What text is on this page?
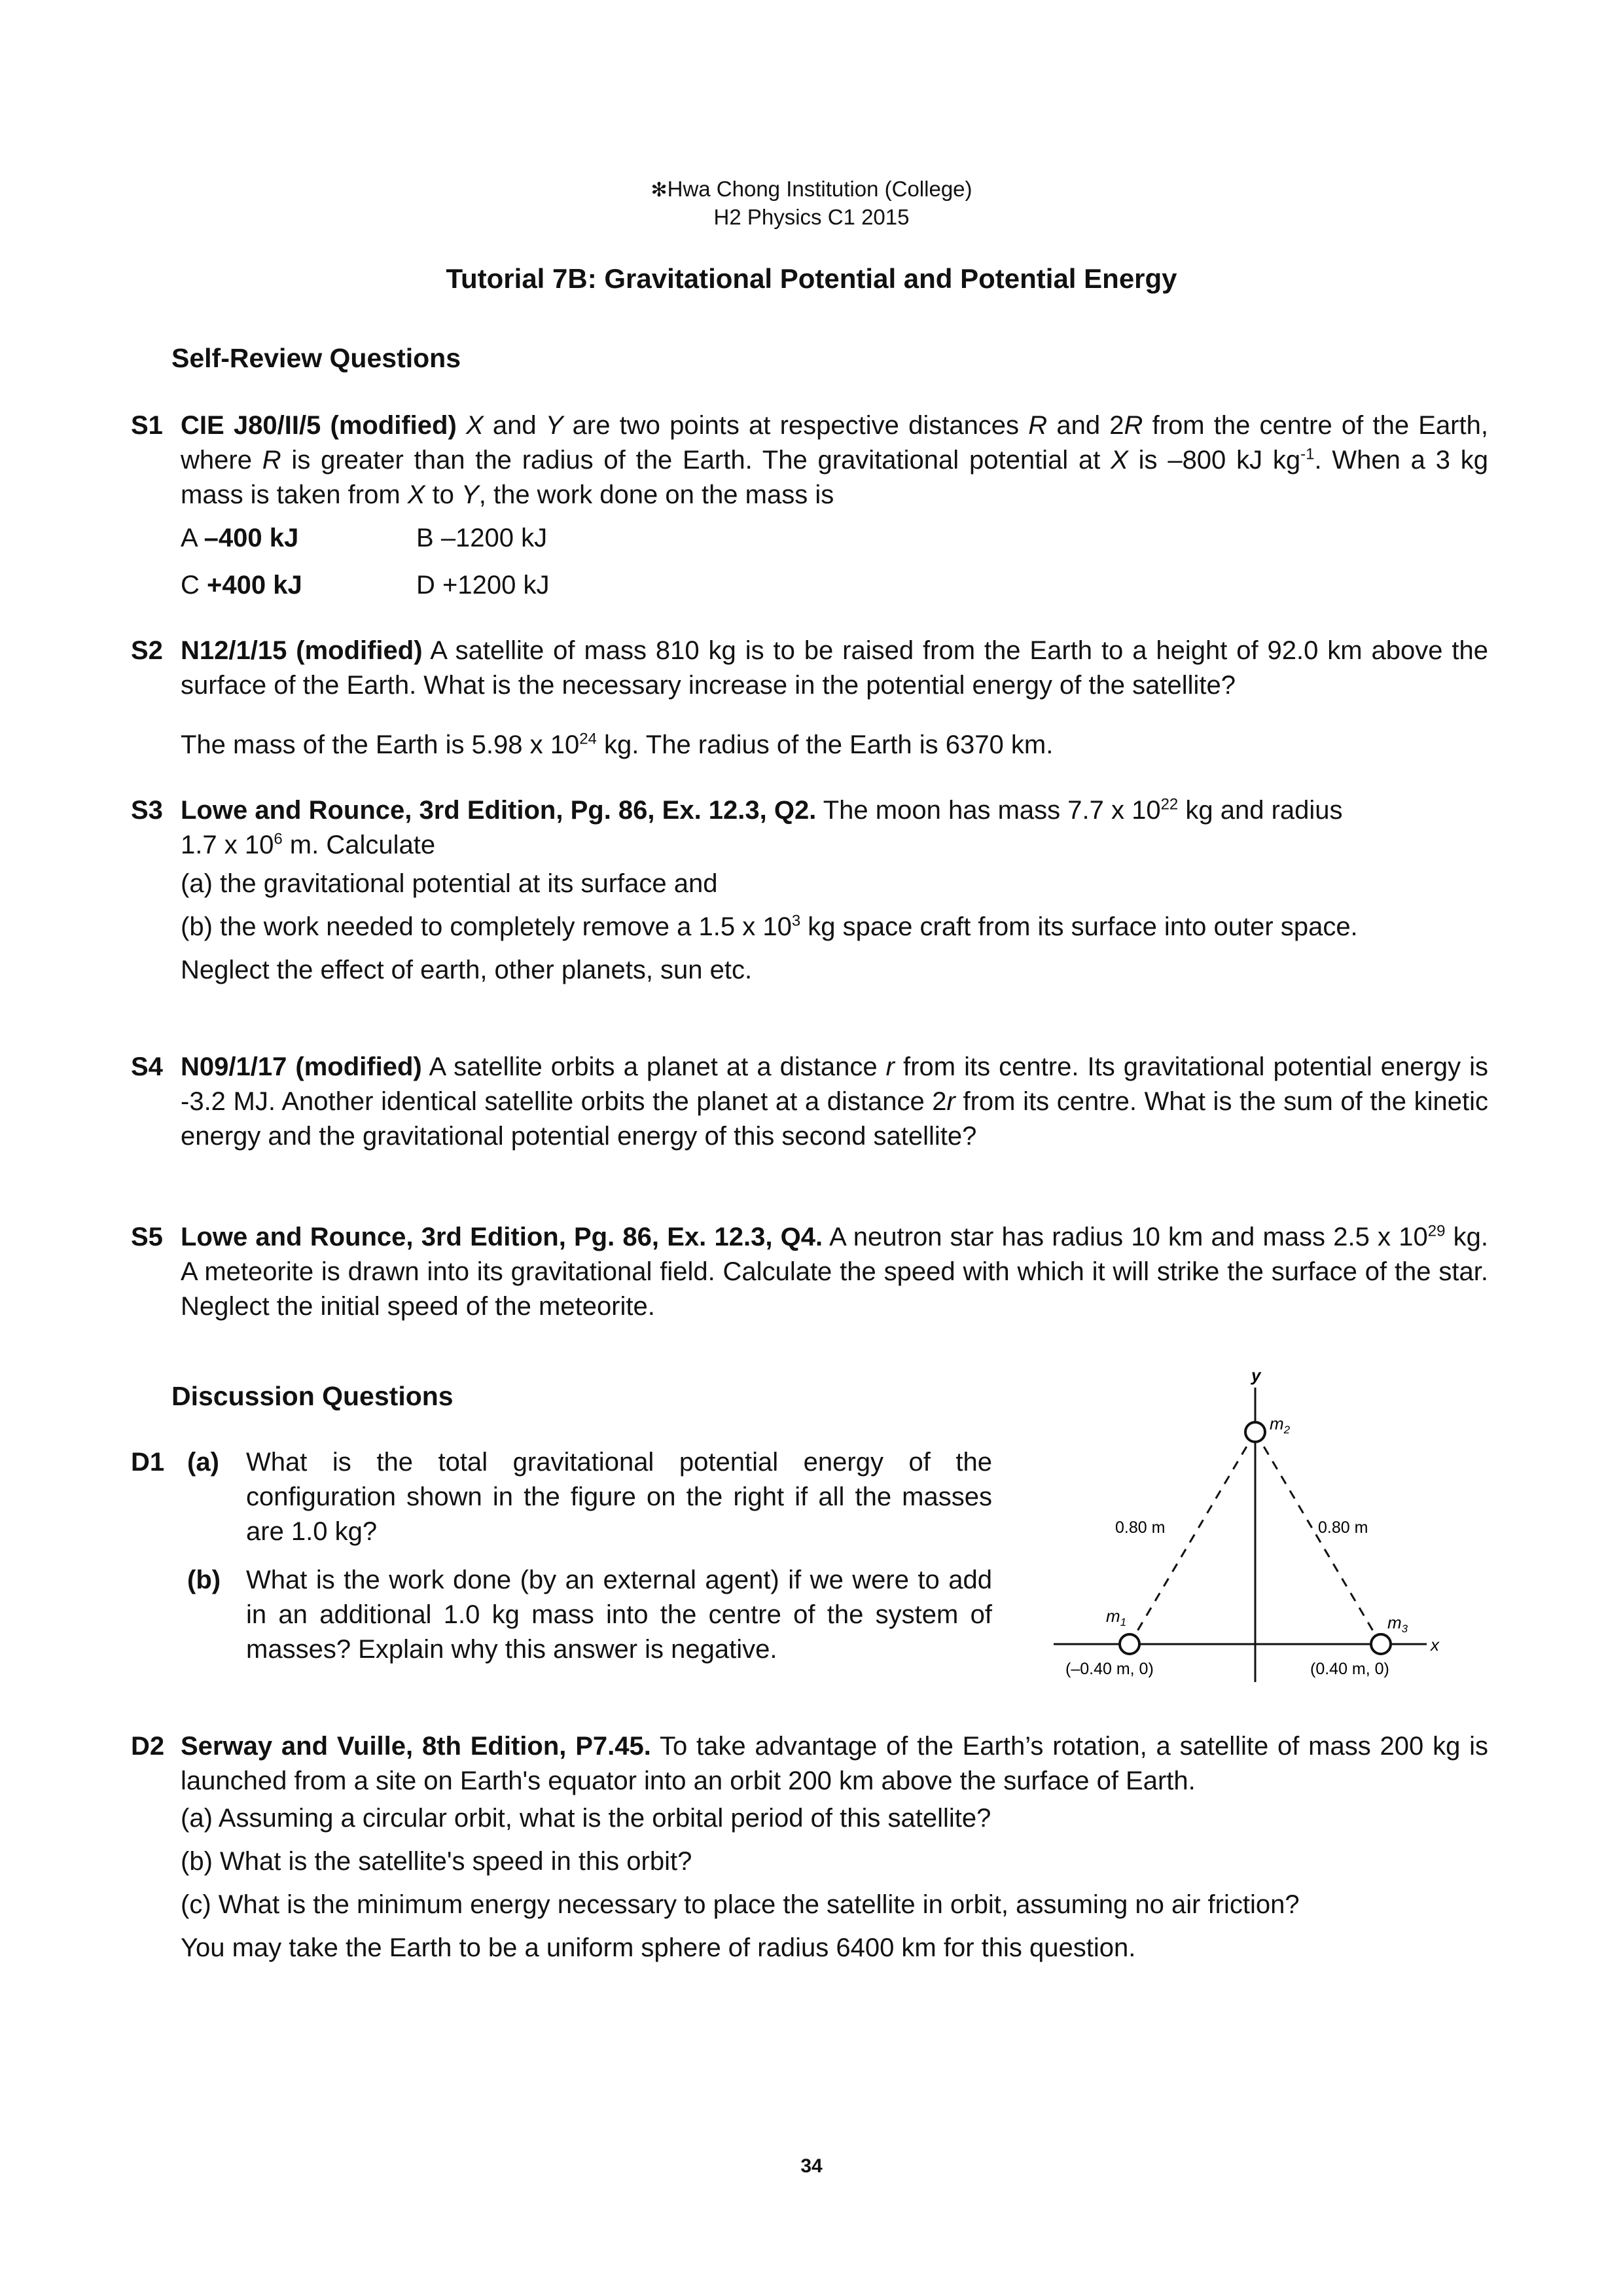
✻Hwa Chong Institution (College)
H2 Physics C1 2015
Tutorial 7B: Gravitational Potential and Potential Energy
Self-Review Questions
S1 CIE J80/II/5 (modified) X and Y are two points at respective distances R and 2R from the centre of the Earth, where R is greater than the radius of the Earth. The gravitational potential at X is –800 kJ $kg^{-1}$. When a 3 kg mass is taken from X to Y, the work done on the mass is
A –400 kJ	B –1200 kJ
C +400 kJ	D +1200 kJ
S2 N12/1/15 (modified) A satellite of mass 810 kg is to be raised from the Earth to a height of 92.0 km above the surface of the Earth. What is the necessary increase in the potential energy of the satellite?
The mass of the Earth is 5.98 x $10^{24}$ kg. The radius of the Earth is 6370 km.
S3 Lowe and Rounce, 3rd Edition, Pg. 86, Ex. 12.3, Q2. The moon has mass 7.7 x $10^{22}$ kg and radius
1.7 x $10^6$ m. Calculate
(a) the gravitational potential at its surface and
(b) the work needed to completely remove a 1.5 x $10^3$ kg space craft from its surface into outer space.
Neglect the effect of earth, other planets, sun etc.
S4 N09/1/17 (modified) A satellite orbits a planet at a distance r from its centre. Its gravitational potential energy is -3.2 MJ. Another identical satellite orbits the planet at a distance 2r from its centre. What is the sum of the kinetic energy and the gravitational potential energy of this second satellite?
S5 Lowe and Rounce, 3rd Edition, Pg. 86, Ex. 12.3, Q4. A neutron star has radius 10 km and mass 2.5 x $10^{29}$ kg. A meteorite is drawn into its gravitational field. Calculate the speed with which it will strike the surface of the star. Neglect the initial speed of the meteorite.
Discussion Questions
D1 (a) What is the total gravitational potential energy of the configuration shown in the figure on the right if all the masses are 1.0 kg?
(b) What is the work done (by an external agent) if we were to add in an additional 1.0 kg mass into the centre of the system of masses? Explain why this answer is negative.
y
x
$m_2$
$m_1$	$m_3$
0.80 m	0.80 m
(–0.40 m, 0)	(0.40 m, 0)
D2 Serway and Vuille, 8th Edition, P7.45. To take advantage of the Earth’s rotation, a satellite of mass 200 kg is launched from a site on Earth's equator into an orbit 200 km above the surface of Earth.
(a) Assuming a circular orbit, what is the orbital period of this satellite?
(b) What is the satellite's speed in this orbit?
(c) What is the minimum energy necessary to place the satellite in orbit, assuming no air friction?
You may take the Earth to be a uniform sphere of radius 6400 km for this question.
34
